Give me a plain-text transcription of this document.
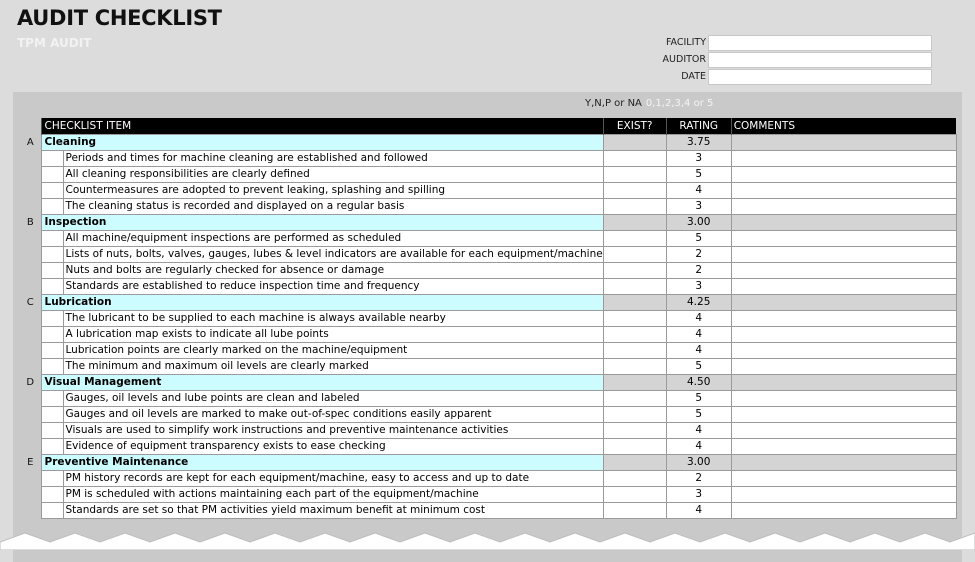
AUDIT CHECKLIST
TPM AUDIT	FACILITY
AUDITOR
DATE
Y,N,P or NA 0,1,2,3,4 or 5
	CHECKLIST ITEM		EXIST?	RATING	COMMENTS
A	Cleaning			3.75	
		Periods and times for machine cleaning are established and followed		3	
		All cleaning responsibilities are clearly defined		5	
		Countermeasures are adopted to prevent leaking, splashing and spilling		4	
		The cleaning status is recorded and displayed on a regular basis		3	
B	Inspection			3.00	
		All machine/equipment inspections are performed as scheduled		5	
		Lists of nuts, bolts, valves, gauges, lubes & level indicators are available for each equipment/machine		2	
		Nuts and bolts are regularly checked for absence or damage		2	
		Standards are established to reduce inspection time and frequency		3	
C	Lubrication			4.25	
		The lubricant to be supplied to each machine is always available nearby		4	
		A lubrication map exists to indicate all lube points		4	
		Lubrication points are clearly marked on the machine/equipment		4	
		The minimum and maximum oil levels are clearly marked		5	
D	Visual Management			4.50	
		Gauges, oil levels and lube points are clean and labeled		5	
		Gauges and oil levels are marked to make out-of-spec conditions easily apparent		5	
		Visuals are used to simplify work instructions and preventive maintenance activities		4	
		Evidence of equipment transparency exists to ease checking		4	
E	Preventive Maintenance			3.00	
		PM history records are kept for each equipment/machine, easy to access and up to date		2	
		PM is scheduled with actions maintaining each part of the equipment/machine		3	
		Standards are set so that PM activities yield maximum benefit at minimum cost		4	
